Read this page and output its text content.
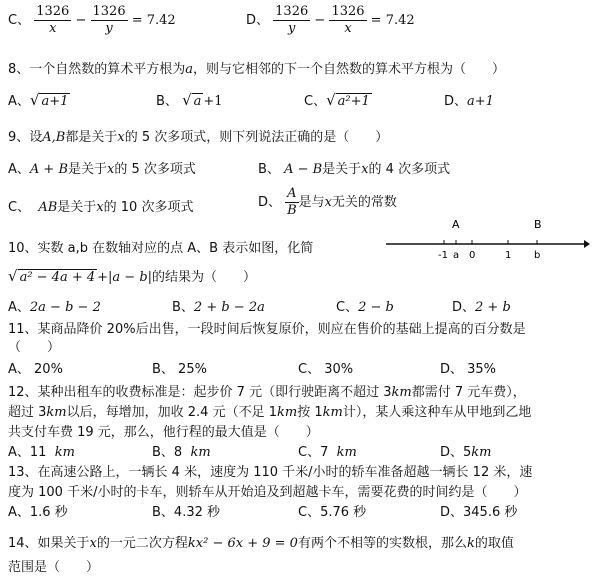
C、 $\frac{1326}{x} - \frac{1326}{y} = 7.42$	D、 $\frac{1326}{y} - \frac{1326}{x} = 7.42$
8、一个自然数的算术平方根为a，则与它相邻的下一个自然数的算术平方根为（　　）
A、√ a+1	B、 √ a +1	C、√ a²+1	D、a+1
9、设A,B都是关于x的 5 次多项式，则下列说法正确的是（　　）
A、A + B是关于x的 5 次多项式	B、 A − B是关于x的 4 次多项式
C、 AB是关于x的 10 次多项式	D、 $\frac{A}{B}$ 是与x无关的常数
10、实数 a,b 在数轴对应的点 A、B 表示如图，化简
A	B
-1 a 0	1 b
√ a² − 4a + 4 +|a − b|的结果为（　　）
A、2a − b − 2	B、2 + b − 2a	C、2 − b	D、2 + b
11、某商品降价 20%后出售，一段时间后恢复原价，则应在售价的基础上提高的百分数是
（　　）
A、 20%	B、 25%	C、 30%	D、 35%
12、某种出租车的收费标准是：起步价 7 元（即行驶距离不超过 3km都需付 7 元车费），
超过 3km以后，每增加，加收 2.4 元（不足 1km按 1km计），某人乘这种车从甲地到乙地
共支付车费 19 元，那么，他行程的最大值是（　　）
A、11 km	B、8 km	C、7 km	D、5km
13、在高速公路上，一辆长 4 米，速度为 110 千米/小时的轿车准备超越一辆长 12 米，速
度为 100 千米/小时的卡车，则轿车从开始追及到超越卡车，需要花费的时间约是（　　）
A、1.6 秒	B、4.32 秒	C、5.76 秒	D、345.6 秒
14、如果关于x的一元二次方程kx² − 6x + 9 = 0有两个不相等的实数根，那么k的取值
范围是（　　）
